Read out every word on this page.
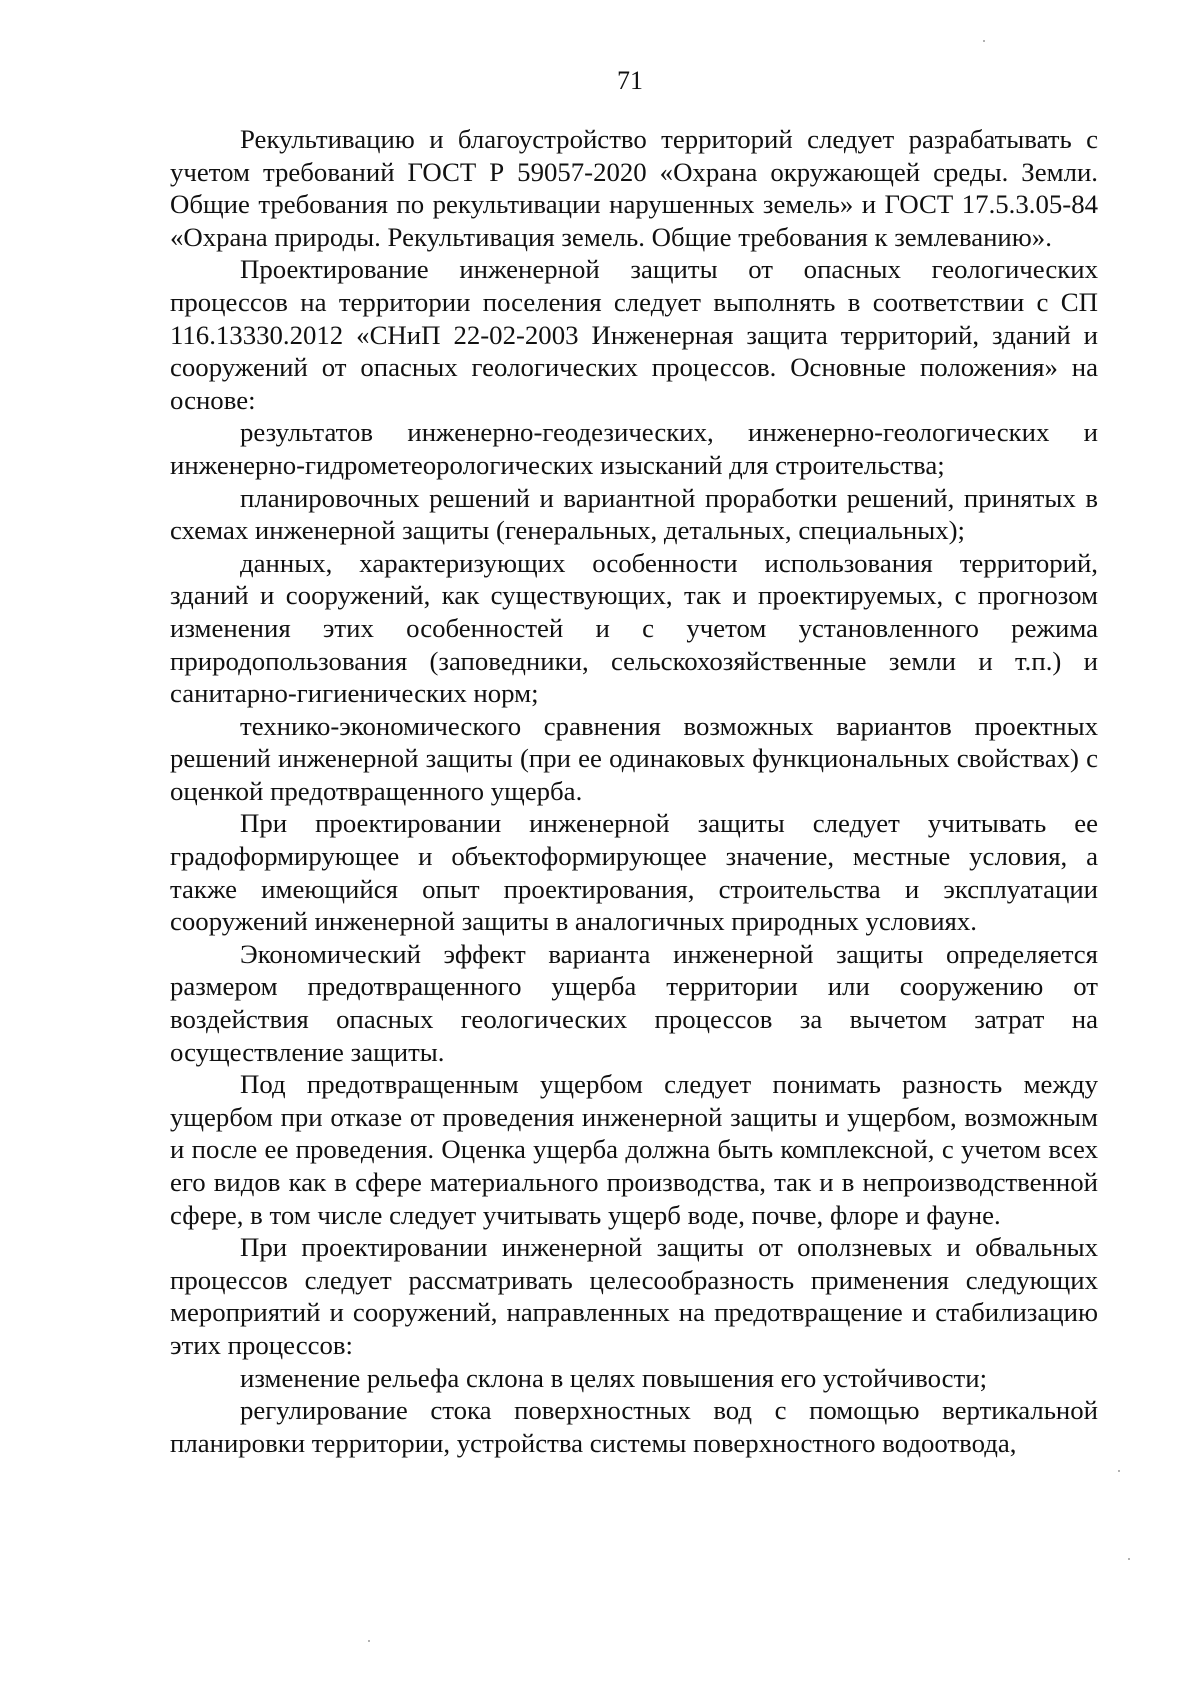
71

Рекультивацию и благоустройство территорий следует разрабатывать с учетом требований ГОСТ Р 59057-2020 «Охрана окружающей среды. Земли. Общие требования по рекультивации нарушенных земель» и ГОСТ 17.5.3.05-84 «Охрана природы. Рекультивация земель. Общие требования к землеванию».

Проектирование инженерной защиты от опасных геологических процессов на территории поселения следует выполнять в соответствии с СП 116.13330.2012 «СНиП 22-02-2003 Инженерная защита территорий, зданий и сооружений от опасных геологических процессов. Основные положения» на основе:

результатов инженерно-геодезических, инженерно-геологических и инженерно-гидрометеорологических изысканий для строительства;

планировочных решений и вариантной проработки решений, принятых в схемах инженерной защиты (генеральных, детальных, специальных);

данных, характеризующих особенности использования территорий, зданий и сооружений, как существующих, так и проектируемых, с прогнозом изменения этих особенностей и с учетом установленного режима природопользования (заповедники, сельскохозяйственные земли и т.п.) и санитарно-гигиенических норм;

технико-экономического сравнения возможных вариантов проектных решений инженерной защиты (при ее одинаковых функциональных свойствах) с оценкой предотвращенного ущерба.

При проектировании инженерной защиты следует учитывать ее градоформирующее и объектоформирующее значение, местные условия, а также имеющийся опыт проектирования, строительства и эксплуатации сооружений инженерной защиты в аналогичных природных условиях.

Экономический эффект варианта инженерной защиты определяется размером предотвращенного ущерба территории или сооружению от воздействия опасных геологических процессов за вычетом затрат на осуществление защиты.

Под предотвращенным ущербом следует понимать разность между ущербом при отказе от проведения инженерной защиты и ущербом, возможным и после ее проведения. Оценка ущерба должна быть комплексной, с учетом всех его видов как в сфере материального производства, так и в непроизводственной сфере, в том числе следует учитывать ущерб воде, почве, флоре и фауне.

При проектировании инженерной защиты от оползневых и обвальных процессов следует рассматривать целесообразность применения следующих мероприятий и сооружений, направленных на предотвращение и стабилизацию этих процессов:

изменение рельефа склона в целях повышения его устойчивости;

регулирование стока поверхностных вод с помощью вертикальной планировки территории, устройства системы поверхностного водоотвода,
